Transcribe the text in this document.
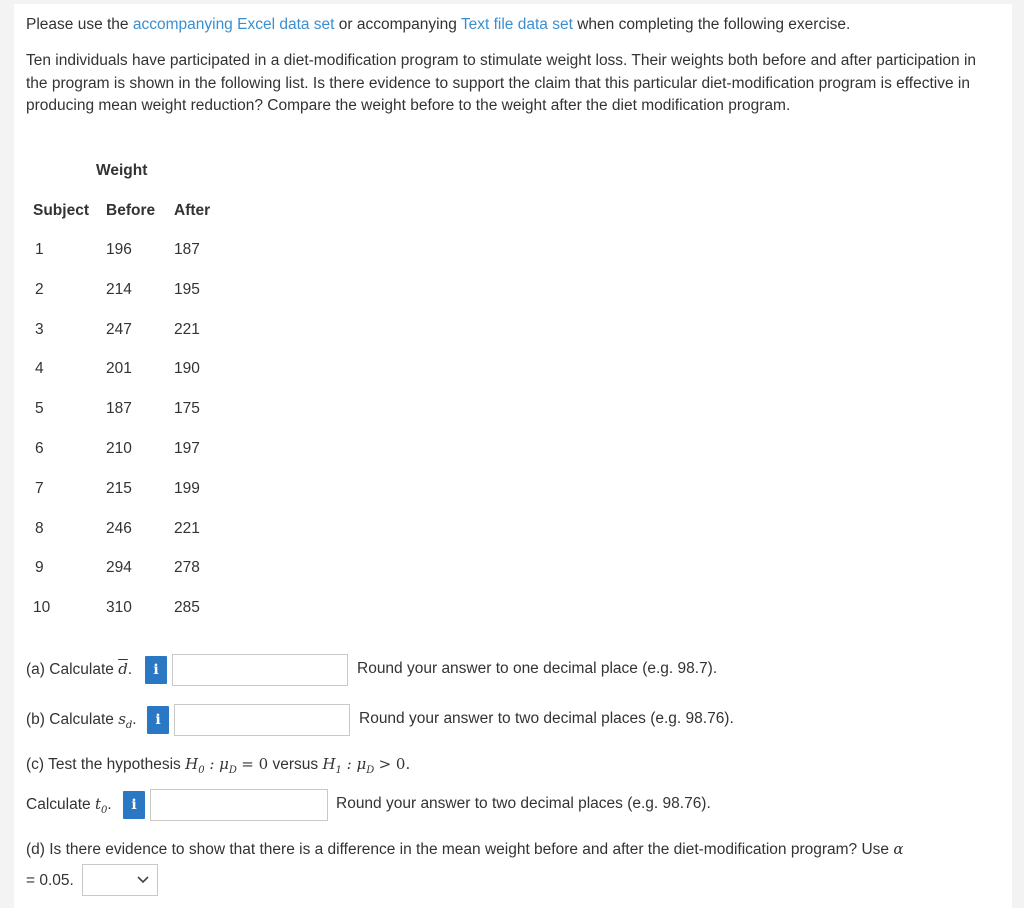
Please use the accompanying Excel data set or accompanying Text file data set when completing the following exercise.
Ten individuals have participated in a diet-modification program to stimulate weight loss. Their weights both before and after participation in the program is shown in the following list. Is there evidence to support the claim that this particular diet-modification program is effective in producing mean weight reduction? Compare the weight before to the weight after the diet modification program.
Weight
Subject Before After
1	196	187
2	214	195
3	247	221
4	201	190
5	187	175
6	210	197
7	215	199
8	246	221
9	294	278
10	310	285
(a) Calculate $\overline{d}$.	i	Round your answer to one decimal place (e.g. 98.7).
(b) Calculate $s_d$.	i	Round your answer to two decimal places (e.g. 98.76).
(c) Test the hypothesis $H_0$ : $\mu_D = 0$ versus $H_1$ : $\mu_D > 0$.
Calculate $t_0$.	i	Round your answer to two decimal places (e.g. 98.76).
(d) Is there evidence to show that there is a difference in the mean weight before and after the diet-modification program? Use α
= 0.05.
